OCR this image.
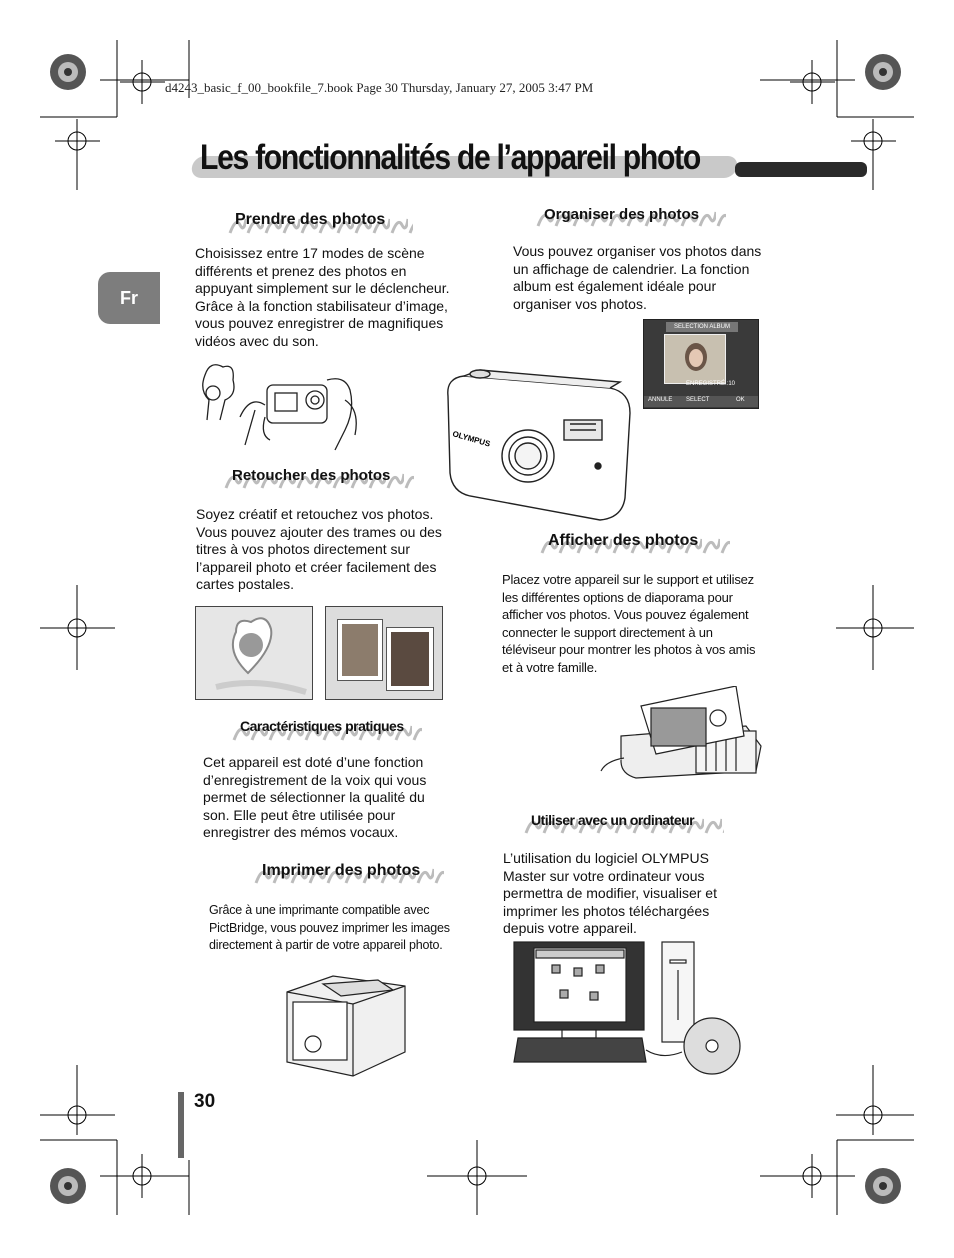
d4243_basic_f_00_bookfile_7.book Page 30 Thursday, January 27, 2005 3:47 PM
Les fonctionnalités de l’appareil photo
Fr
Prendre des photos
Choisissez entre 17 modes de scène différents et prenez des photos en appuyant simplement sur le déclencheur. Grâce à la fonction stabilisateur d’image, vous pouvez enregistrer de magnifiques vidéos avec du son.
Organiser des photos
Vous pouvez organiser vos photos dans un affichage de calendrier. La fonction album est également idéale pour organiser vos photos.
SELECTION ALBUM
ENREGISTRÉ.:10
ANNULE SELECT	OK
OLYMPUS
Retoucher des photos
Soyez créatif et retouchez vos photos. Vous pouvez ajouter des trames ou des titres à vos photos directement sur l’appareil photo et créer facilement des cartes postales.
Afficher des photos
Placez votre appareil sur le support et utilisez les différentes options de diaporama pour afficher vos photos. Vous pouvez également connecter le support directement à un téléviseur pour montrer les photos à vos amis et à votre famille.
Caractéristiques pratiques
Cet appareil est doté d’une fonction d’enregistrement de la voix qui vous permet de sélectionner la qualité du son. Elle peut être utilisée pour enregistrer des mémos vocaux.
Utiliser avec un ordinateur
L’utilisation du logiciel OLYMPUS Master sur votre ordinateur vous permettra de modifier, visualiser et imprimer les photos téléchargées depuis votre appareil.
Imprimer des photos
Grâce à une imprimante compatible avec PictBridge, vous pouvez imprimer les images directement à partir de votre appareil photo.
30
